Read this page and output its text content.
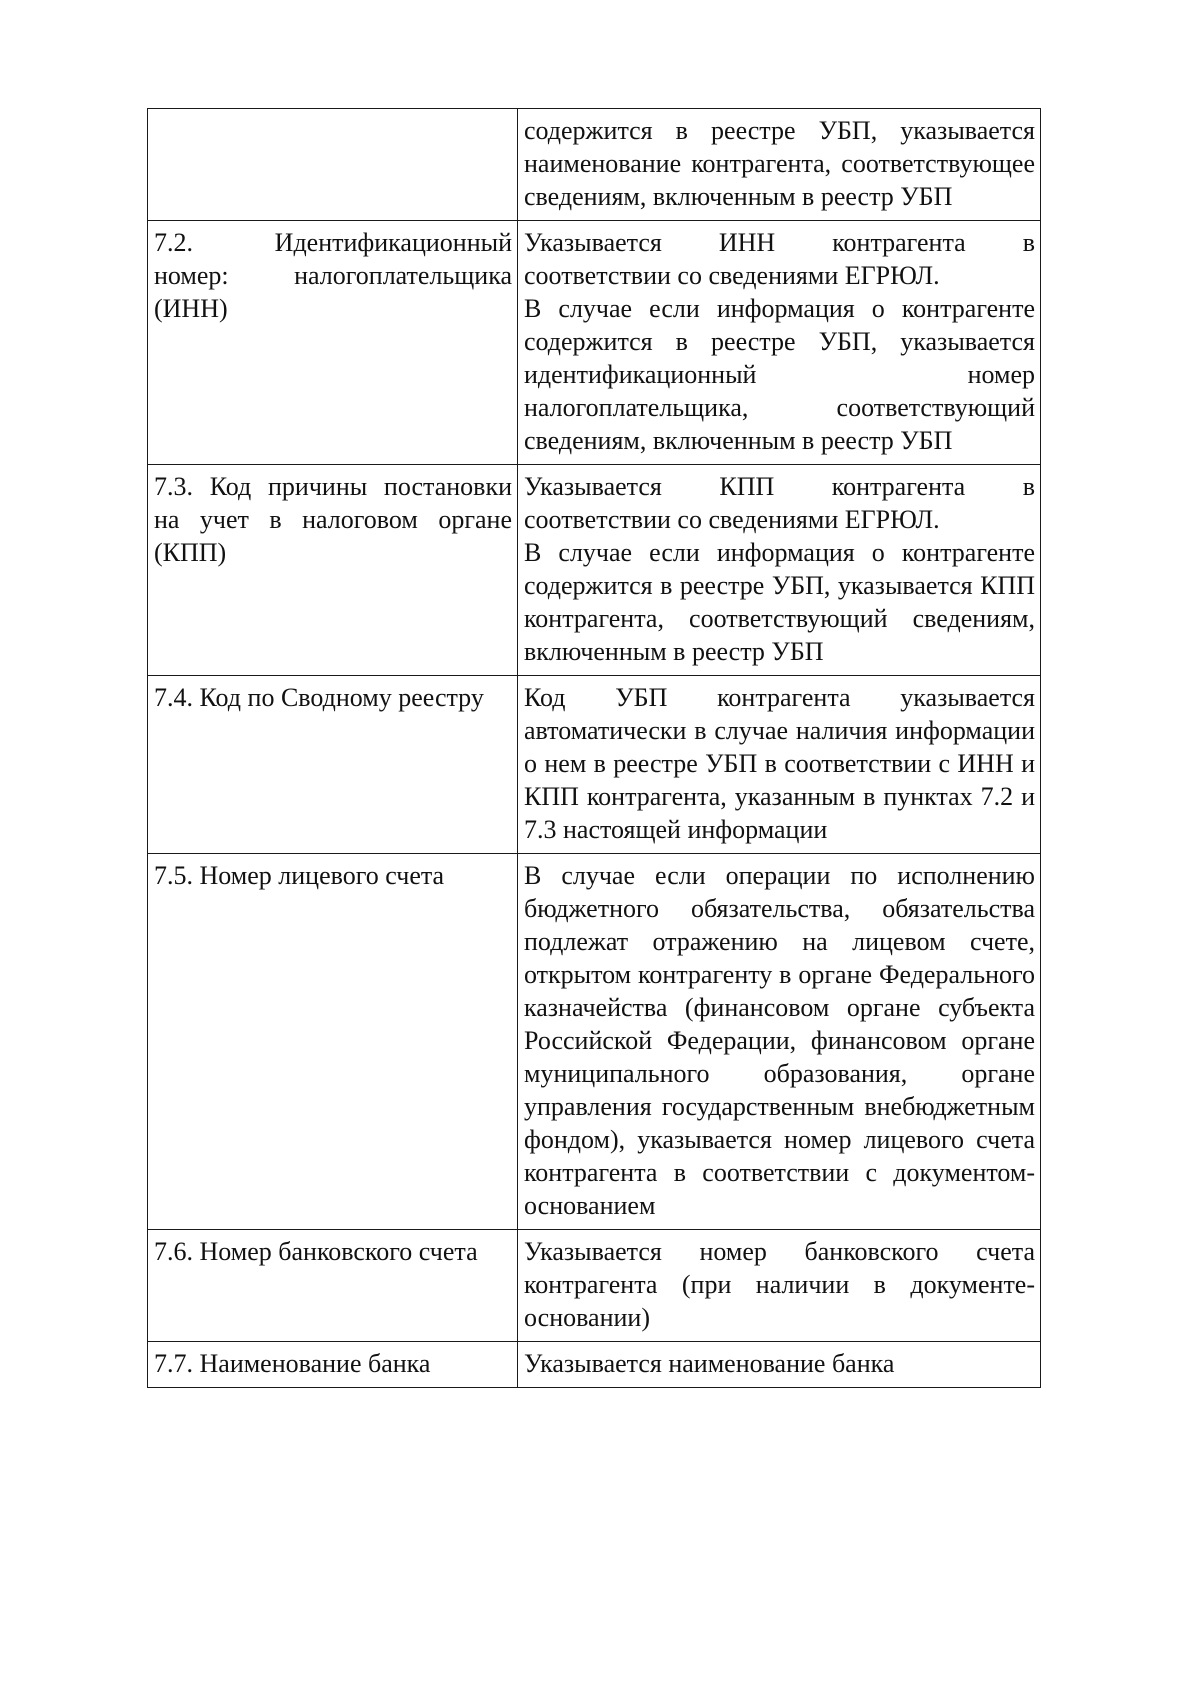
	содержится в реестре УБП, указывается наименование контрагента, соответствующее сведениям, включенным в реестр УБП

7.2. Идентификационный номер: налогоплательщика (ИНН)	Указывается ИНН контрагента в соответствии со сведениями ЕГРЮЛ.
В случае если информация о контрагенте содержится в реестре УБП, указывается идентификационный номер налогоплательщика, соответствующий сведениям, включенным в реестр УБП

7.3. Код причины постановки на учет в налоговом органе (КПП)	Указывается КПП контрагента в соответствии со сведениями ЕГРЮЛ.
В случае если информация о контрагенте содержится в реестре УБП, указывается КПП контрагента, соответствующий сведениям, включенным в реестр УБП

7.4. Код по Сводному реестру	Код УБП контрагента указывается автоматически в случае наличия информации о нем в реестре УБП в соответствии с ИНН и КПП контрагента, указанным в пунктах 7.2 и 7.3 настоящей информации

7.5. Номер лицевого счета	В случае если операции по исполнению бюджетного обязательства, обязательства подлежат отражению на лицевом счете, открытом контрагенту в органе Федерального казначейства (финансовом органе субъекта Российской Федерации, финансовом органе муниципального образования, органе управления государственным внебюджетным фондом), указывается номер лицевого счета контрагента в соответствии с документом-основанием

7.6. Номер банковского счета	Указывается номер банковского счета контрагента (при наличии в документе-основании)

7.7. Наименование банка	Указывается наименование банка
